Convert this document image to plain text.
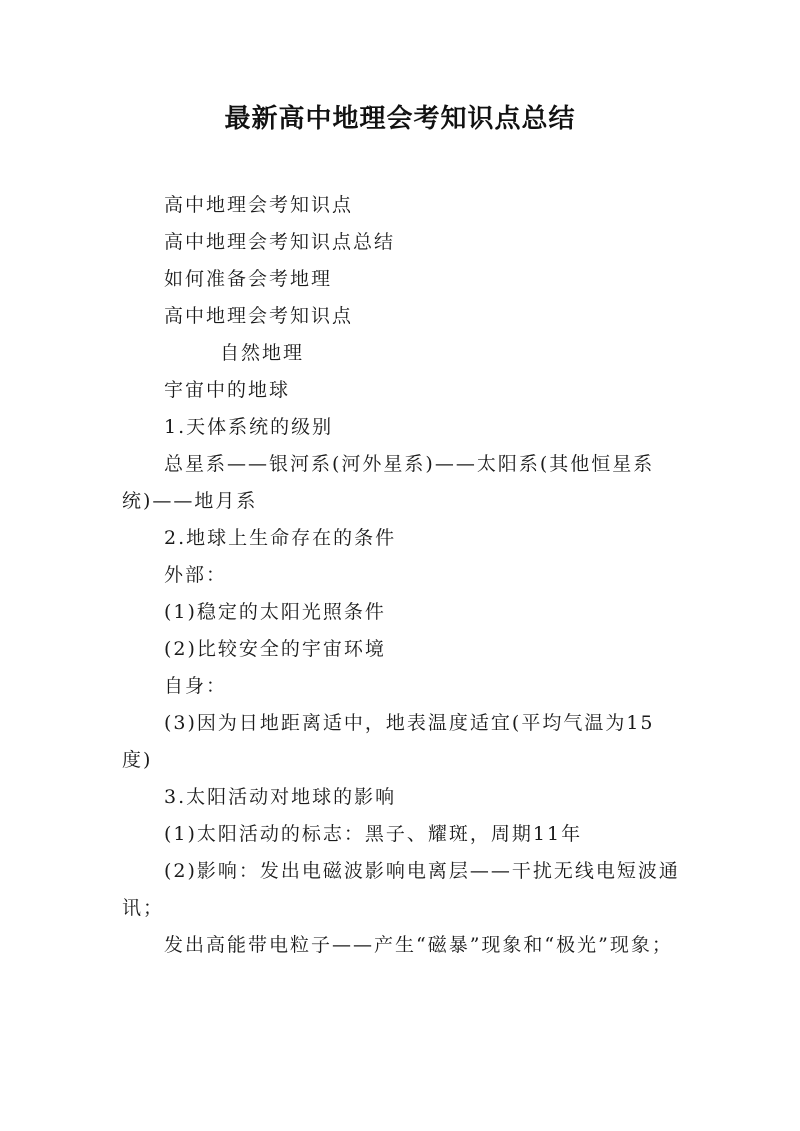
最新高中地理会考知识点总结

高中地理会考知识点

高中地理会考知识点总结

如何准备会考地理

高中地理会考知识点

自然地理

宇宙中的地球

1.天体系统的级别

总星系——银河系(河外星系)——太阳系(其他恒星系统)——地月系

2.地球上生命存在的条件

外部：

(1)稳定的太阳光照条件

(2)比较安全的宇宙环境

自身：

(3)因为日地距离适中，地表温度适宜(平均气温为15度)

3.太阳活动对地球的影响

(1)太阳活动的标志：黑子、耀斑，周期11年

(2)影响：发出电磁波影响电离层——干扰无线电短波通讯；

发出高能带电粒子——产生“磁暴”现象和“极光”现象；
